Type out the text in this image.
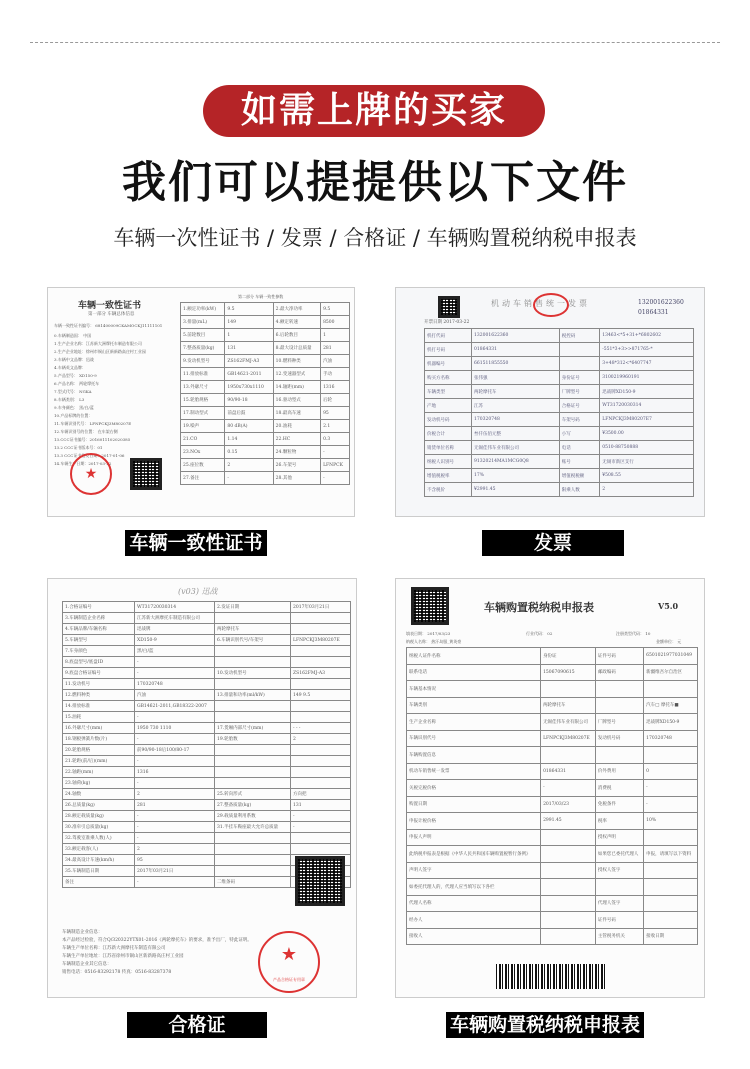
如需上牌的买家
我们可以提提供以下文件
车辆一次性证书 / 发票 / 合格证 / 车辆购置税纳税申报表
车辆一致性证书
第一部分 车辆总体信息
车辆一致性证书编号： 681400009CKAMOCKJ11111101
0.车辆制造国： 中国
1.生产企业名称：江苏新大洲摩托车制造有限公司
2.生产企业地址：徐州市铜山区新新路高庄村工业园
3.车辆中文品牌：迅战
4.车辆英文品牌：
5.产品型号： XD150-9
6.产品名称： 两轮摩托车
7.型式代号： NGKA
8.车辆类别： L3
9.车身颜色： 黑/白/蓝
10.产品标牌的位置：
11.车辆识别代号： LFNPCKJ3M80207E
12.车辆识别号的位置： 在车架右侧
13.CCC证书编号：2016011102020385
13.2 CCC证书版本号：01
13.3 CCC证书签发日期：2017-01-06
14.车辆生产日期：2017-03-22
★
第二部分 车辆一致性参数
1.额定功率(kW)	9.5	2.最大净功率	9.5
3.排量(mL)	149	4.额定转速	8500
5.前轮数目	1	6.后轮数目	1
7.整备质量(kg)	131	8.最大设计总质量	281
9.发动机型号	ZS162FMJ-A3	10.燃料种类	汽油
11.排放标准	GB14621-2011	12.变速器型式	手动
13.外廓尺寸	1950x730x1110	14.轴距(mm)	1316
15.轮胎规格	90/90-18	16.驱动型式	后轮
17.制动型式	前盘后鼓	18.最高车速	95
19.噪声	80 dB(A)	20.油耗	2.1
21.CO	1.14	22.HC	0.3
23.NOx	0.15	24.颗粒物	-
25.座位数	2	26.车架号	LFNPCK
27.备注	-	28.其他	-
车辆一致性证书
机动车销售统一发票	132001622360
01864331
开票日期 2017-03-22
机打代码	132001622360	税控码	13463<*5+31+*6802602
机打号码	01864331		-551*3+3>>871765-*
机器编号	661511855550		3+48*312<*6407747
购买方名称	张伟强	身份证号	3100219960191
车辆类型	两轮摩托车	厂牌型号	迅战牌XD150-9
产地	江苏	合格证号	WT31720030314
发动机号码	170320748	车架号码	LFNPCKJ3M80207E7
价税合计	叁仟伍佰元整	小写	¥3500.00
销货单位名称	无锡佳伟车业有限公司	电话	0510-88750888
纳税人识别号	91320214MA1MCG0Q8	账号	无锡市新区支行
增值税税率	17%	增值税税额	¥508.55
不含税价	¥2991.45	限乘人数	2
发票
(v03) 迅战
1.合格证编号	WT31720030314	2.发证日期	2017年03月21日
3.车辆制造企业名称	江苏新大洲摩托车制造有限公司		
4.车辆品牌/车辆名称	迅战牌	两轮摩托车	
5.车辆型号	XD150-9	6.车辆识别代号/车架号	LFNPCKJ3M80207E
7.车身颜色	黑/白/蓝		
8.底盘型号/底盘ID	-		
9.底盘合格证编号	-	10.发动机型号	ZS162FMJ-A3
11.发动机号	170320748		
12.燃料种类	汽油	13.排量和功率(ml/kW)	149 9.5
14.排放标准	GB14621-2011,GB18322-2007		
15.油耗	-		
16.外廓尺寸(mm)	1950 730 1110	17.货厢内部尺寸(mm)	- - -
18.钢板弹簧片数(片)	-	19.轮胎数	2
20.轮胎规格	前90/90-18后100/80-17		
21.轮距(前/后)(mm)	-		
22.轴距(mm)	1316		
23.轴荷(kg)	-		
24.轴数	2	25.转向形式	方向把
26.总质量(kg)	281	27.整备质量(kg)	131
28.额定载质量(kg)	-	29.载质量利用系数	-
30.准牵引总质量(kg)	-	31.半挂车鞍座最大允许总质量	-
32.驾驶室准乘人数(人)	-		
33.额定载客(人)	2		
34.最高设计车速(km/h)	95		
35.车辆制造日期	2017年03月21日		
备注	-	二维条码	
车辆制造企业信息：
本产品经过检验，符合Q/320322YTX01-2016《两轮摩托车》的要求，准予出厂，特此证明。
车辆生产单位名称：江苏新大洲摩托车制造有限公司
车辆生产单位地址：江苏省徐州市铜山区新新路高庄村工业园
车辆制造企业其它信息：
销售电话：0516-83292178 传真：0516-83287378
★
产品合格证专用章
合格证
车辆购置税纳税申报表	V5.0
填表日期： 2017/03/23	行业代码： 02	注册类型代码： 10
纳税人名称： 热汗岛服_黄英豪	金额单位： 元
纳税人证件名称	身份证	证件号码	6501021977031049
联系电话	15067090615	邮政编码	新疆维吾尔自治区
车辆基本情况			
车辆类别	两轮摩托车		汽车□ 摩托车■
生产企业名称	无锡佳伟车业有限公司	厂牌型号	迅战牌XD150-9
车辆识别代号	LFNPCKJ3M80207E	发动机号码	170320748
车辆购置信息			
机动车销售统一发票	01864331	价外费用	0
关税完税价格	-	消费税	-
购置日期	2017/03/23	免税条件	-
申报计税价格	2991.45	税率	10%
申报人声明		授权声明	
此纳税申报表是根据《中华人民共和国车辆购置税暂行条例》		如果您已委托代理人	申报，请填写以下资料
声明人签字		授权人签字	
如委托代理人的，代理人应当填写以下各栏			
代理人名称		代理人签字	
经办人		证件号码	
接收人		主管税务机关	接收日期
车辆购置税纳税申报表
